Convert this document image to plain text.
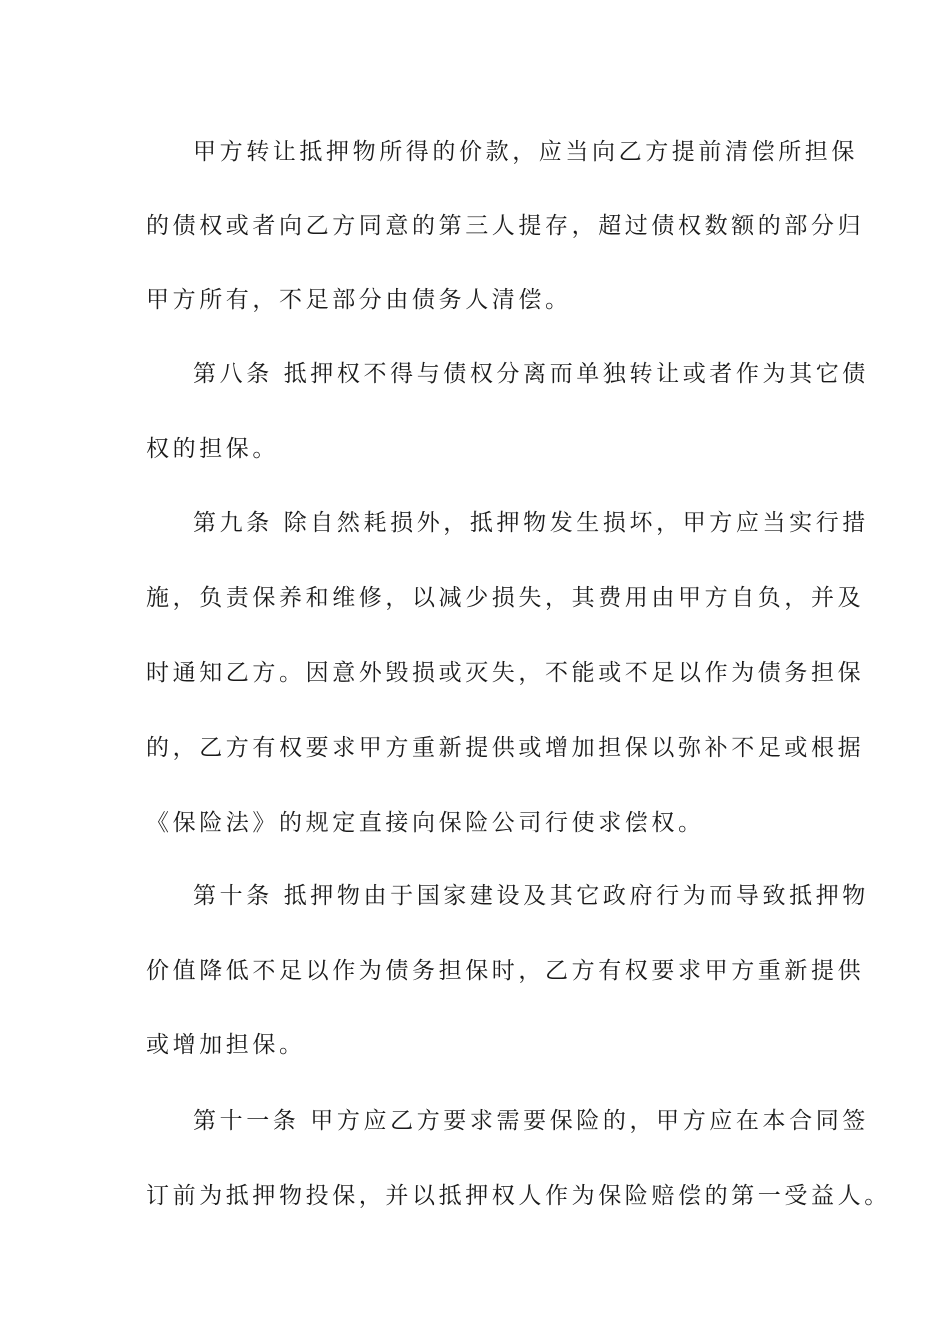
甲方转让抵押物所得的价款，应当向乙方提前清偿所担保
的债权或者向乙方同意的第三人提存，超过债权数额的部分归
甲方所有，不足部分由债务人清偿。
第八条 抵押权不得与债权分离而单独转让或者作为其它债
权的担保。
第九条 除自然耗损外，抵押物发生损坏，甲方应当实行措
施，负责保养和维修，以减少损失，其费用由甲方自负，并及
时通知乙方。因意外毁损或灭失，不能或不足以作为债务担保
的，乙方有权要求甲方重新提供或增加担保以弥补不足或根据
《保险法》的规定直接向保险公司行使求偿权。
第十条 抵押物由于国家建设及其它政府行为而导致抵押物
价值降低不足以作为债务担保时，乙方有权要求甲方重新提供
或增加担保。
第十一条 甲方应乙方要求需要保险的，甲方应在本合同签
订前为抵押物投保，并以抵押权人作为保险赔偿的第一受益人。
